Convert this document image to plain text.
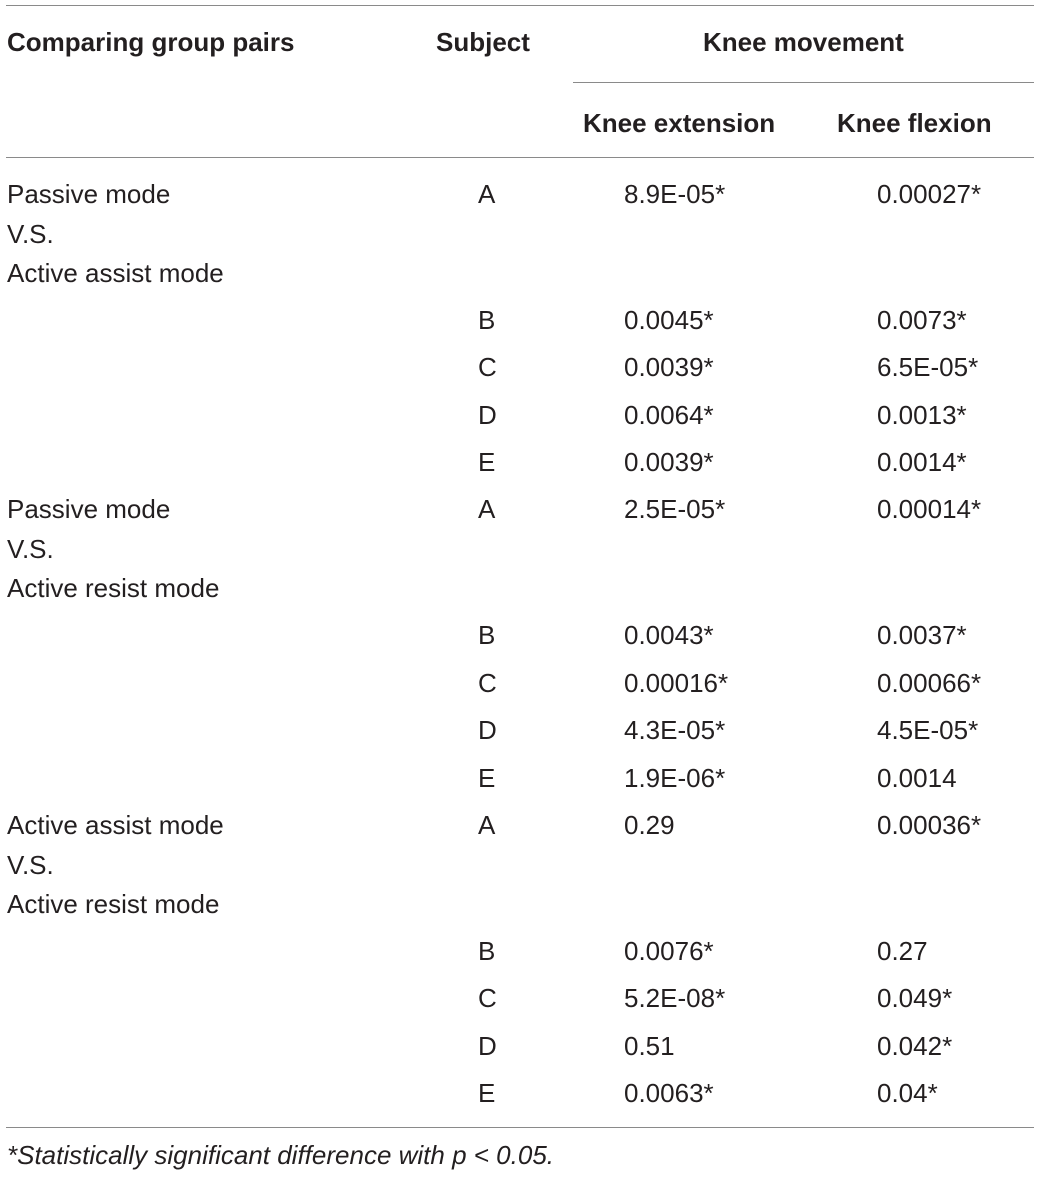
Comparing group pairs	Subject	Knee movement
Knee extension Knee flexion
Passive mode
V.S.
Active assist mode
A	8.9E-05*	0.00027*
B	0.0045*	0.0073*
C	0.0039*	6.5E-05*
D	0.0064*	0.0013*
E	0.0039*	0.0014*
Passive mode
V.S.
Active resist mode
A	2.5E-05*	0.00014*
B	0.0043*	0.0037*
C	0.00016*	0.00066*
D	4.3E-05*	4.5E-05*
E	1.9E-06*	0.0014
Active assist mode
V.S.
Active resist mode
A	0.29	0.00036*
B	0.0076*	0.27
C	5.2E-08*	0.049*
D	0.51	0.042*
E	0.0063*	0.04*
*Statistically significant difference with p < 0.05.
